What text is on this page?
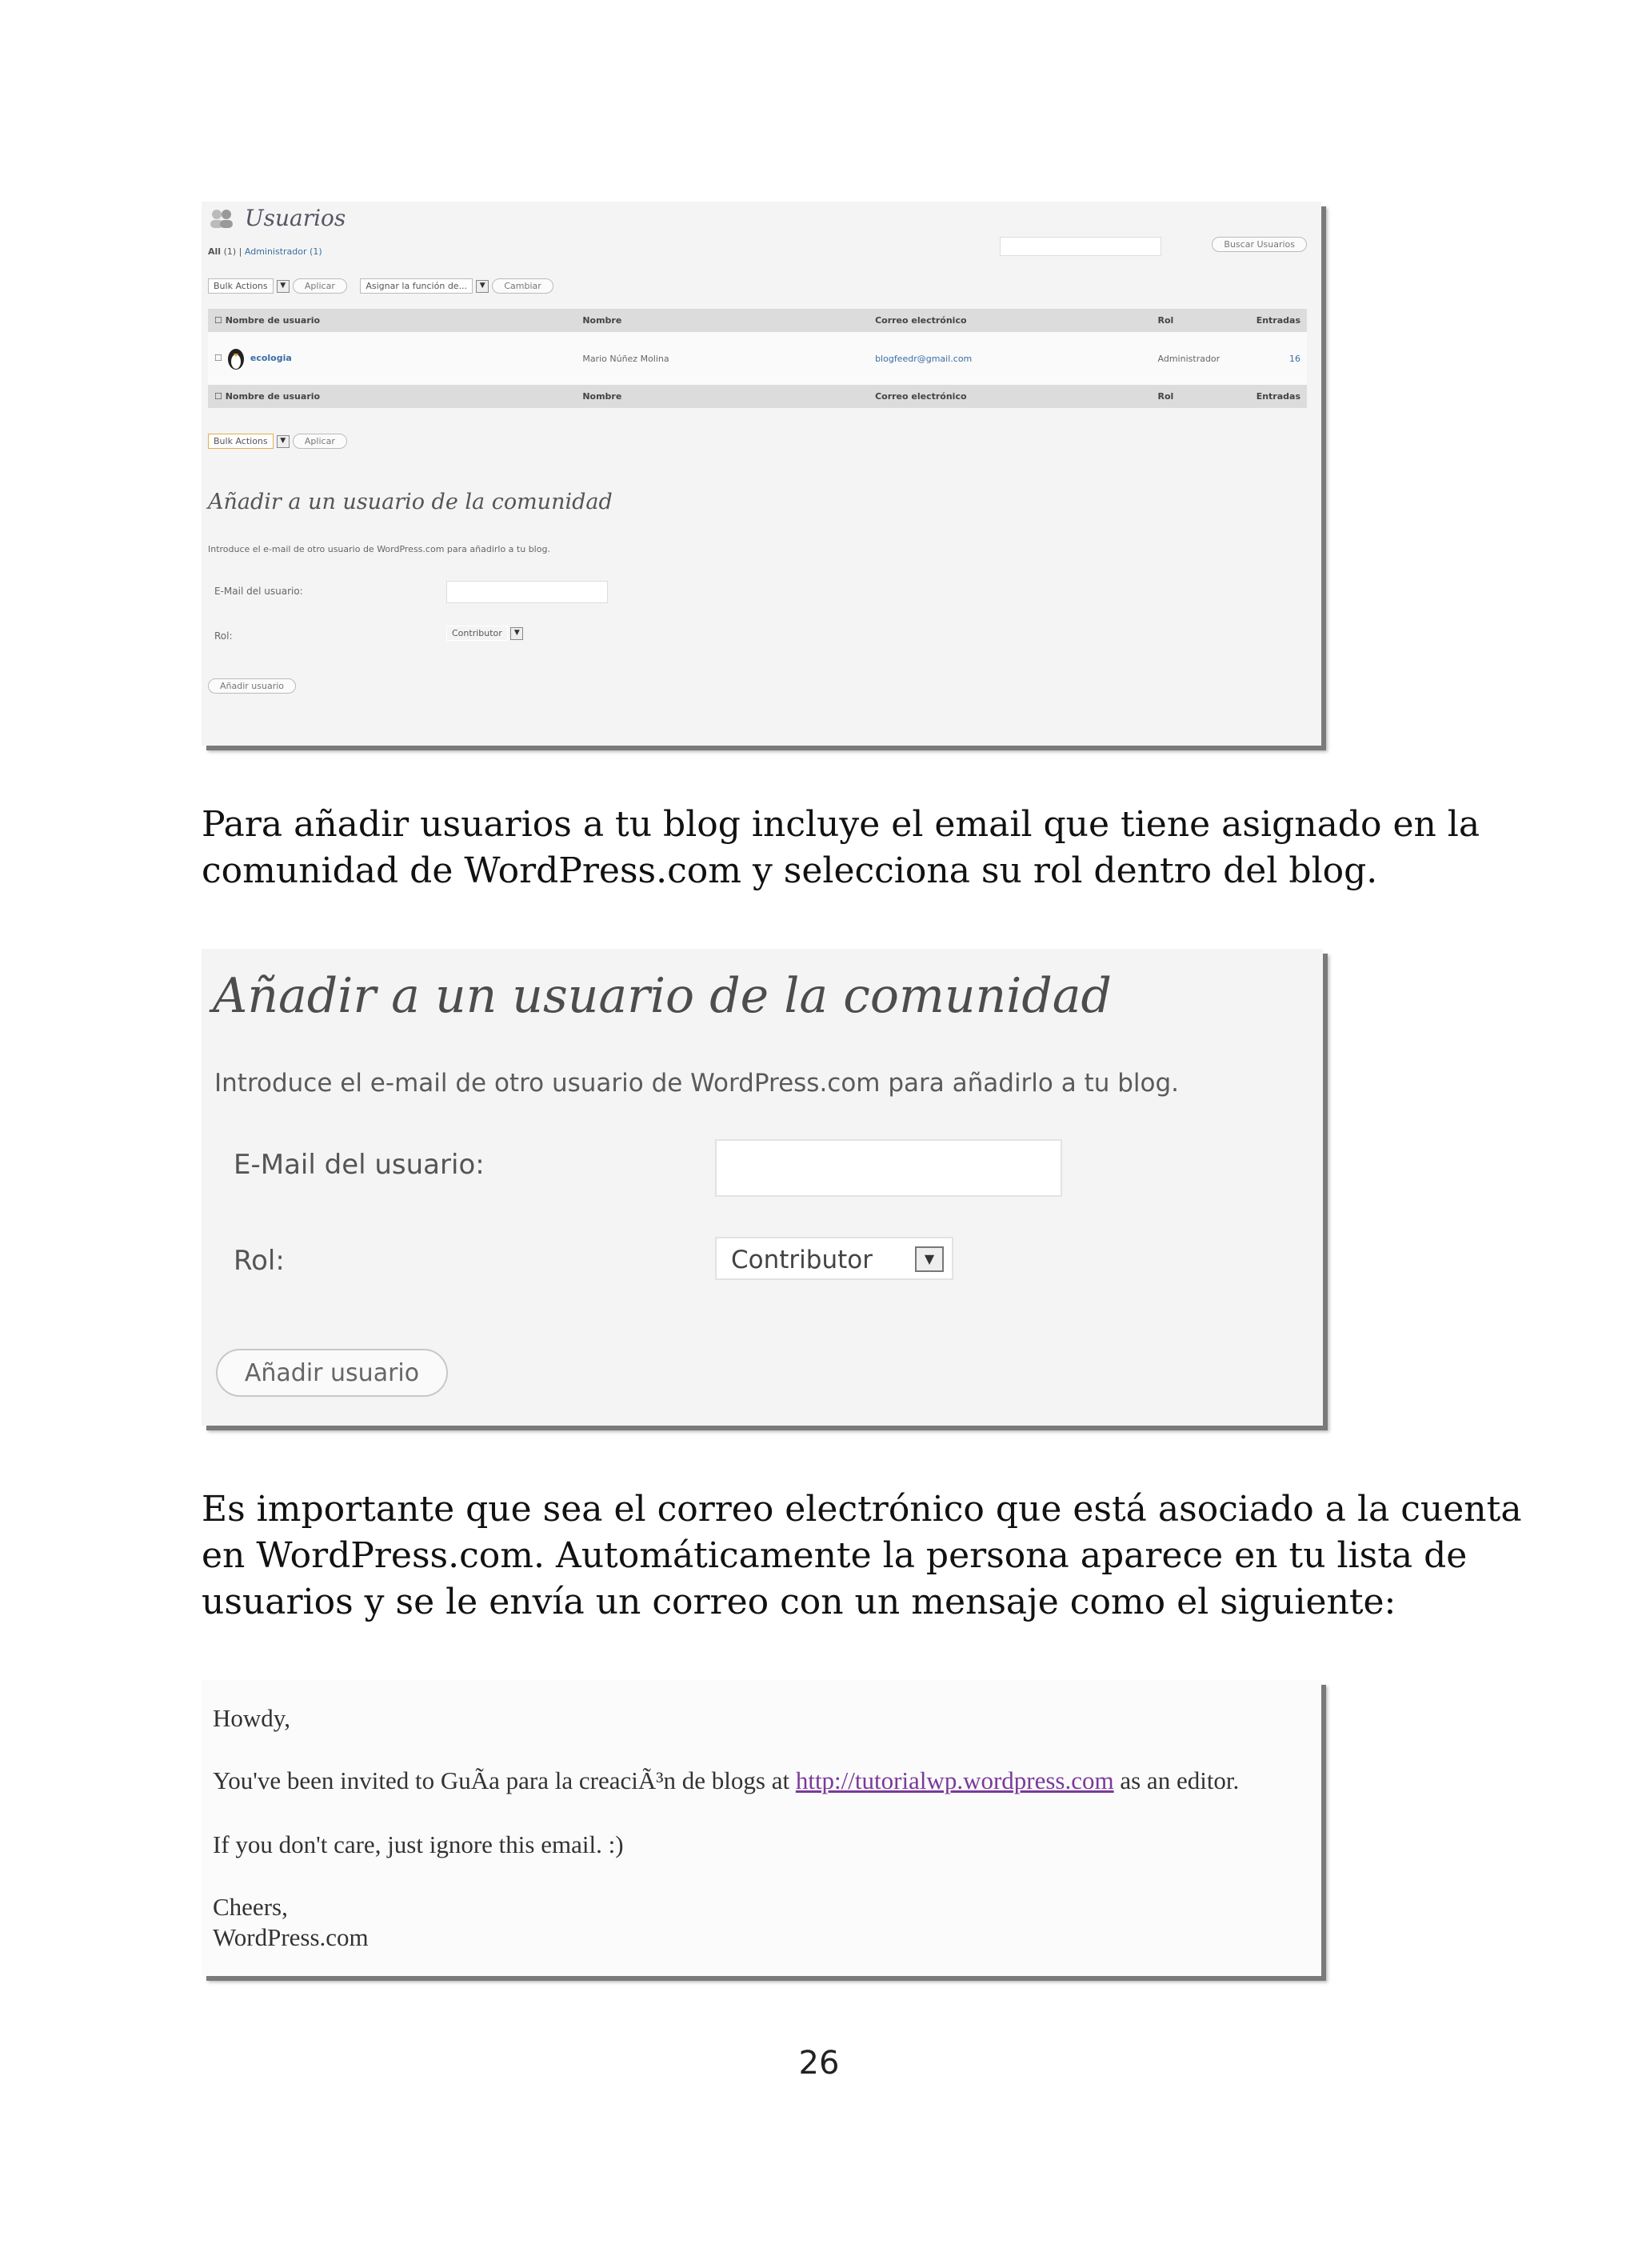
Usuarios
All (1) | Administrador (1)
Buscar Usuarios
Bulk Actions ▼ Aplicar	Asignar la función de... ▼ Cambiar
☐ Nombre de usuario	Nombre	Correo electrónico	Rol	Entradas
☐ ecologia	Mario Núñez Molina	blogfeedr@gmail.com	Administrador	16
☐ Nombre de usuario	Nombre	Correo electrónico	Rol	Entradas
Bulk Actions ▼ Aplicar
Añadir a un usuario de la comunidad
Introduce el e-mail de otro usuario de WordPress.com para añadirlo a tu blog.
E-Mail del usuario:
Rol:	Contributor ▼
Añadir usuario

Para añadir usuarios a tu blog incluye el email que tiene asignado en la
comunidad de WordPress.com y selecciona su rol dentro del blog.

Añadir a un usuario de la comunidad
Introduce el e-mail de otro usuario de WordPress.com para añadirlo a tu blog.
E-Mail del usuario:
Rol:	Contributor	▼
Añadir usuario

Es importante que sea el correo electrónico que está asociado a la cuenta
en WordPress.com. Automáticamente la persona aparece en tu lista de
usuarios y se le envía un correo con un mensaje como el siguiente:

Howdy,
You've been invited to GuÃa para la creaciÃ³n de blogs at http://tutorialwp.wordpress.com as an editor.
If you don't care, just ignore this email. :)
Cheers,
WordPress.com
26
